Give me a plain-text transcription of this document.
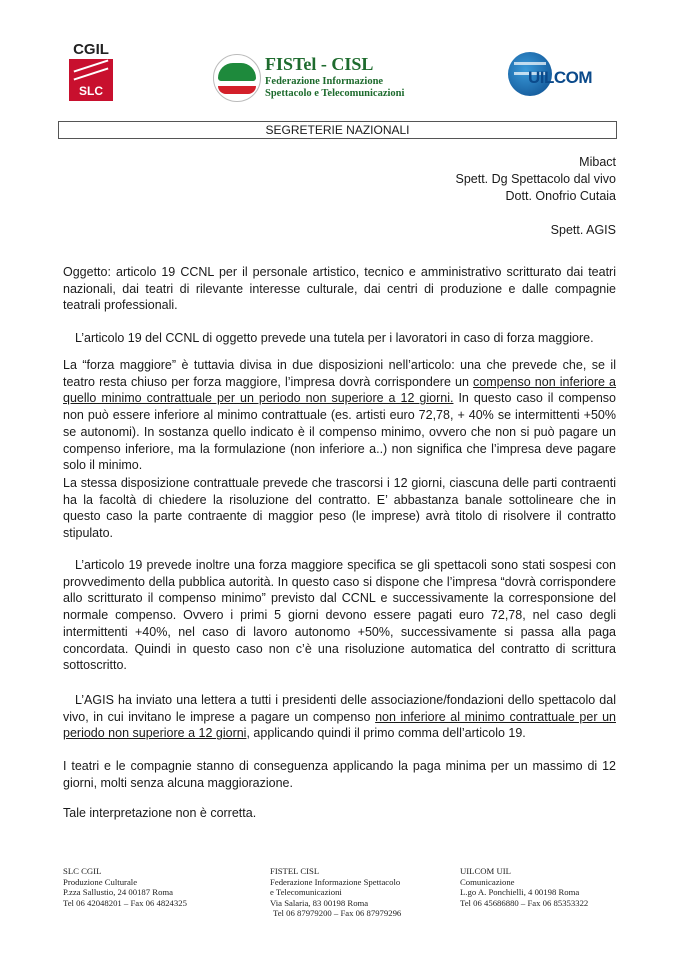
CGIL
SLC
FISTel - CISL
Federazione Informazione
Spettacolo e Telecomunicazioni
UILCOM
SEGRETERIE NAZIONALI
Mibact
Spett. Dg Spettacolo dal vivo
Dott. Onofrio Cutaia
Spett. AGIS
Oggetto: articolo 19 CCNL per il personale artistico, tecnico e amministrativo scritturato dai teatri nazionali, dai teatri di rilevante interesse culturale, dai centri di produzione e dalle compagnie teatrali professionali.
L’articolo 19 del CCNL di oggetto prevede una tutela per i lavoratori in caso di forza maggiore.
La “forza maggiore” è tuttavia divisa in due disposizioni nell’articolo: una che prevede che, se il teatro resta chiuso per forza maggiore, l’impresa dovrà corrispondere un compenso non inferiore a quello minimo contrattuale per un periodo non superiore a 12 giorni. In questo caso il compenso non può essere inferiore al minimo contrattuale (es. artisti euro 72,78, + 40% se intermittenti +50% se autonomi). In sostanza quello indicato è il compenso minimo, ovvero che non si può pagare un compenso inferiore, ma la formulazione (non inferiore a..) non significa che l’impresa deve pagare solo il minimo.
La stessa disposizione contrattuale prevede che trascorsi i 12 giorni, ciascuna delle parti contraenti ha la facoltà di chiedere la risoluzione del contratto. E’ abbastanza banale sottolineare che in questo caso la parte contraente di maggior peso (le imprese) avrà titolo di risolvere il contratto stipulato.
L’articolo 19 prevede inoltre una forza maggiore specifica se gli spettacoli sono stati sospesi con provvedimento della pubblica autorità. In questo caso si dispone che l’impresa “dovrà corrispondere allo scritturato il compenso minimo” previsto dal CCNL e successivamente la corresponsione del normale compenso. Ovvero i primi 5 giorni devono essere pagati euro 72,78, nel caso degli intermittenti +40%, nel caso di lavoro autonomo +50%, successivamente si passa alla paga concordata. Quindi in questo caso non c’è una risoluzione automatica del contratto di scrittura sottoscritto.
L’AGIS ha inviato una lettera a tutti i presidenti delle associazione/fondazioni dello spettacolo dal vivo, in cui invitano le imprese a pagare un compenso non inferiore al minimo contrattuale per un periodo non superiore a 12 giorni, applicando quindi il primo comma dell’articolo 19.
I teatri e le compagnie stanno di conseguenza applicando la paga minima per un massimo di 12 giorni, molti senza alcuna maggiorazione.
Tale interpretazione non è corretta.
SLC CGIL
Produzione Culturale
P.zza Sallustio, 24 00187 Roma
Tel 06 42048201 – Fax 06 4824325
FISTEL CISL
Federazione Informazione Spettacolo
e Telecomunicazioni
Via Salaria, 83 00198 Roma
Tel 06 87979200 – Fax 06 87979296
UILCOM UIL
Comunicazione
L.go A. Ponchielli, 4 00198 Roma
Tel 06 45686880 – Fax 06 85353322
